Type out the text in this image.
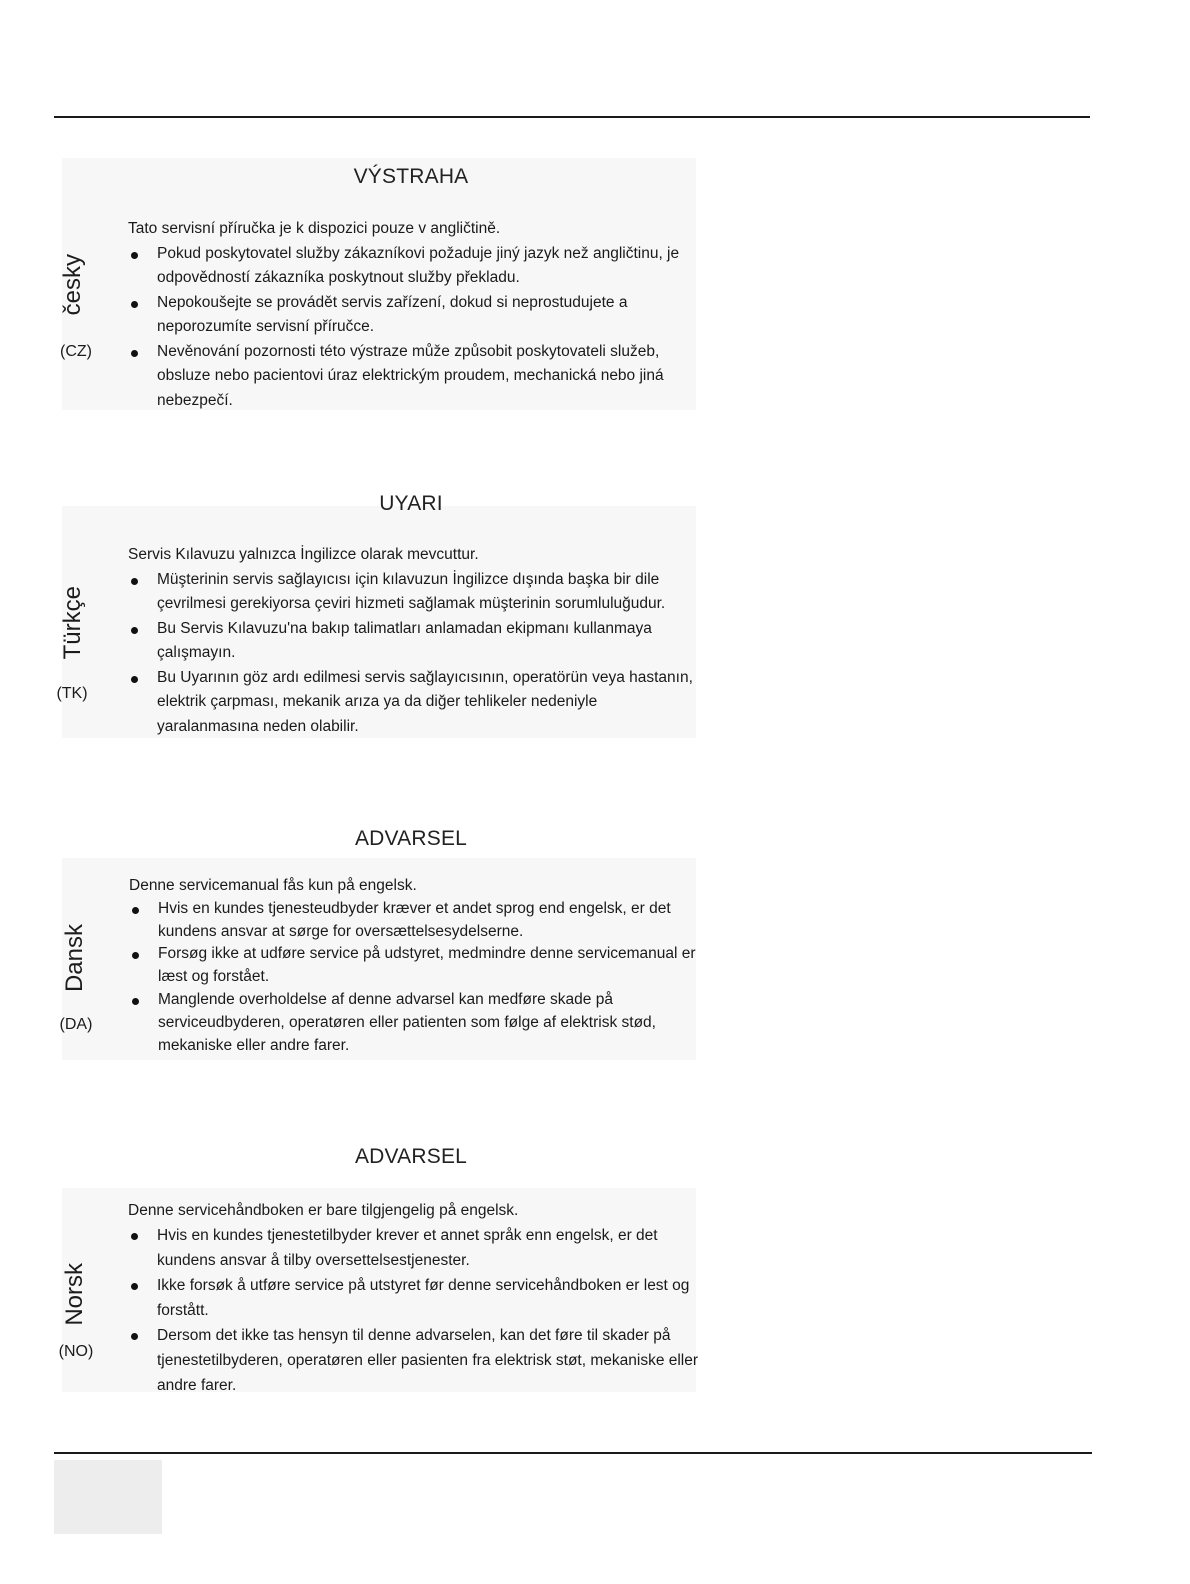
VÝSTRAHA
česky
(CZ)

Tato servisní příručka je k dispozici pouze v angličtině.

Pokud poskytovatel služby zákazníkovi požaduje jiný jazyk než angličtinu, je odpovědností zákazníka poskytnout služby překladu.
Nepokoušejte se provádět servis zařízení, dokud si neprostudujete a neporozumíte servisní příručce.
Nevěnování pozornosti této výstraze může způsobit poskytovateli služeb, obsluze nebo pacientovi úraz elektrickým proudem, mechanická nebo jiná nebezpečí.
UYARI
Türkçe
(TK)

Servis Kılavuzu yalnızca İngilizce olarak mevcuttur.

Müşterinin servis sağlayıcısı için kılavuzun İngilizce dışında başka bir dile çevrilmesi gerekiyorsa çeviri hizmeti sağlamak müşterinin sorumluluğudur.
Bu Servis Kılavuzu'na bakıp talimatları anlamadan ekipmanı kullanmaya çalışmayın.
Bu Uyarının göz ardı edilmesi servis sağlayıcısının, operatörün veya hastanın, elektrik çarpması, mekanik arıza ya da diğer tehlikeler nedeniyle yaralanmasına neden olabilir.
ADVARSEL
Dansk
(DA)

Denne servicemanual fås kun på engelsk.

Hvis en kundes tjenesteudbyder kræver et andet sprog end engelsk, er det kundens ansvar at sørge for oversættelsesydelserne.
Forsøg ikke at udføre service på udstyret, medmindre denne servicemanual er læst og forstået.
Manglende overholdelse af denne advarsel kan medføre skade på serviceudbyderen, operatøren eller patienten som følge af elektrisk stød, mekaniske eller andre farer.
ADVARSEL
Norsk
(NO)

Denne servicehåndboken er bare tilgjengelig på engelsk.

Hvis en kundes tjenestetilbyder krever et annet språk enn engelsk, er det kundens ansvar å tilby oversettelsestjenester.
Ikke forsøk å utføre service på utstyret før denne servicehåndboken er lest og forstått.
Dersom det ikke tas hensyn til denne advarselen, kan det føre til skader på tjenestetilbyderen, operatøren eller pasienten fra elektrisk støt, mekaniske eller andre farer.
